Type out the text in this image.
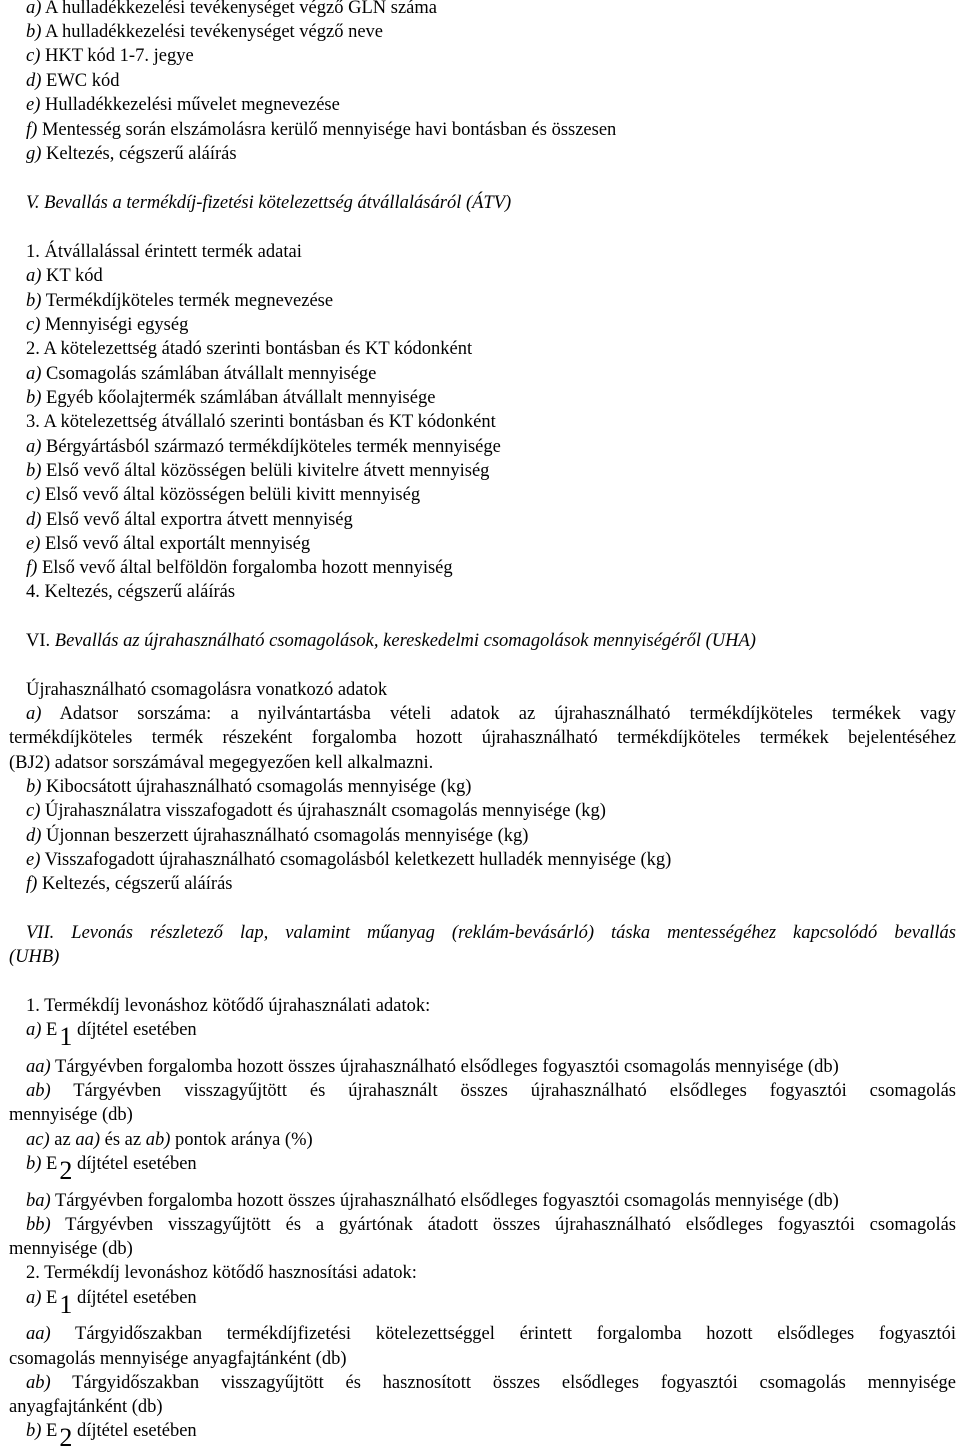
a) A hulladékkezelési tevékenységet végző GLN száma

b) A hulladékkezelési tevékenységet végző neve

c) HKT kód 1-7. jegye

d) EWC kód

e) Hulladékkezelési művelet megnevezése

f) Mentesség során elszámolásra kerülő mennyisége havi bontásban és összesen

g) Keltezés, cégszerű aláírás

V. Bevallás a termékdíj-fizetési kötelezettség átvállalásáról (ÁTV)

1. Átvállalással érintett termék adatai

a) KT kód

b) Termékdíjköteles termék megnevezése

c) Mennyiségi egység

2. A kötelezettség átadó szerinti bontásban és KT kódonként

a) Csomagolás számlában átvállalt mennyisége

b) Egyéb kőolajtermék számlában átvállalt mennyisége

3. A kötelezettség átvállaló szerinti bontásban és KT kódonként

a) Bérgyártásból származó termékdíjköteles termék mennyisége

b) Első vevő által közösségen belüli kivitelre átvett mennyiség

c) Első vevő által közösségen belüli kivitt mennyiség

d) Első vevő által exportra átvett mennyiség

e) Első vevő által exportált mennyiség

f) Első vevő által belföldön forgalomba hozott mennyiség

4. Keltezés, cégszerű aláírás

VI. Bevallás az újrahasználható csomagolások, kereskedelmi csomagolások mennyiségéről (UHA)

Újrahasználható csomagolásra vonatkozó adatok

a) Adatsor sorszáma: a nyilvántartásba vételi adatok az újrahasználható termékdíjköteles termékek vagy

termékdíjköteles termék részeként forgalomba hozott újrahasználható termékdíjköteles termékek bejelentéséhez

(BJ2) adatsor sorszámával megegyezően kell alkalmazni.

b) Kibocsátott újrahasználható csomagolás mennyisége (kg)

c) Újrahasználatra visszafogadott és újrahasznált csomagolás mennyisége (kg)

d) Újonnan beszerzett újrahasználható csomagolás mennyisége (kg)

e) Visszafogadott újrahasználható csomagolásból keletkezett hulladék mennyisége (kg)

f) Keltezés, cégszerű aláírás

VII. Levonás részletező lap, valamint műanyag (reklám-bevásárló) táska mentességéhez kapcsolódó bevallás

(UHB)

1. Termékdíj levonáshoz kötődő újrahasználati adatok:

a) E1 díjtétel esetében

aa) Tárgyévben forgalomba hozott összes újrahasználható elsődleges fogyasztói csomagolás mennyisége (db)

ab) Tárgyévben visszagyűjtött és újrahasznált összes újrahasználható elsődleges fogyasztói csomagolás

mennyisége (db)

ac) az aa) és az ab) pontok aránya (%)

b) E2 díjtétel esetében

ba) Tárgyévben forgalomba hozott összes újrahasználható elsődleges fogyasztói csomagolás mennyisége (db)

bb) Tárgyévben visszagyűjtött és a gyártónak átadott összes újrahasználható elsődleges fogyasztói csomagolás

mennyisége (db)

2. Termékdíj levonáshoz kötődő hasznosítási adatok:

a) E1 díjtétel esetében

aa) Tárgyidőszakban termékdíjfizetési kötelezettséggel érintett forgalomba hozott elsődleges fogyasztói

csomagolás mennyisége anyagfajtánként (db)

ab) Tárgyidőszakban visszagyűjtött és hasznosított összes elsődleges fogyasztói csomagolás mennyisége

anyagfajtánként (db)

b) E2 díjtétel esetében
